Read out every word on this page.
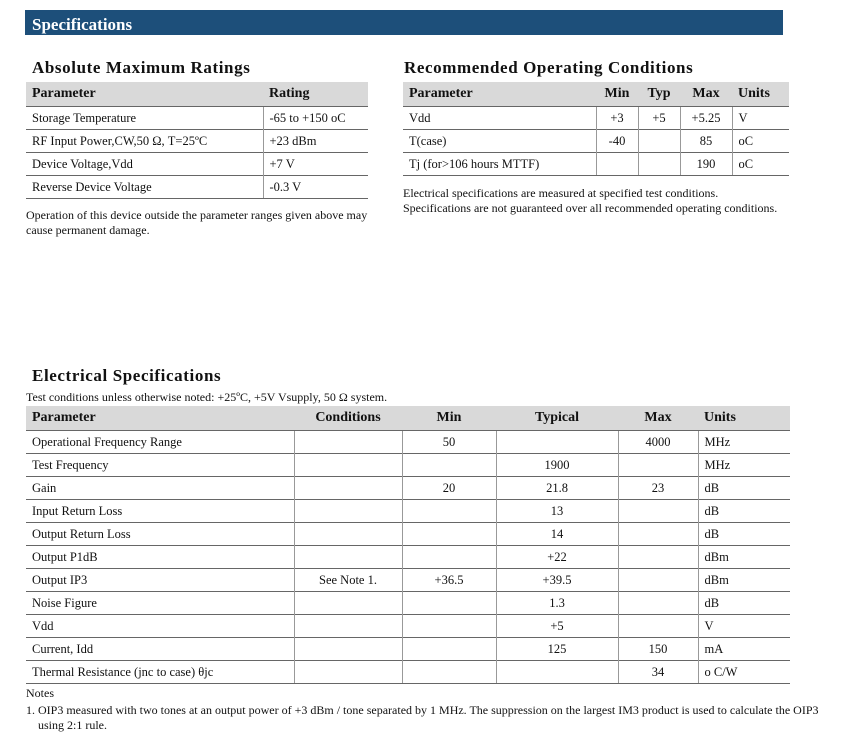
Specifications
Absolute Maximum Ratings
Parameter	Rating
Storage Temperature	-65 to +150 oC
RF Input Power,CW,50 Ω, T=25ºC	+23 dBm
Device Voltage,Vdd	+7 V
Reverse Device Voltage	-0.3 V
Operation of this device outside the parameter ranges given above may cause permanent damage.
Recommended Operating Conditions
Parameter	Min	Typ	Max	Units
Vdd	+3	+5	+5.25	V
T(case)	-40		85	oC
Tj (for>106 hours MTTF)			190	oC
Electrical specifications are measured at specified test conditions. Specifications are not guaranteed over all recommended operating conditions.
Electrical Specifications
Test conditions unless otherwise noted: +25ºC, +5V Vsupply, 50 Ω system.
Parameter	Conditions	Min	Typical	Max	Units
Operational Frequency Range		50		4000	MHz
Test Frequency			1900		MHz
Gain		20	21.8	23	dB
Input Return Loss			13		dB
Output Return Loss			14		dB
Output P1dB			+22		dBm
Output IP3	See Note 1.	+36.5	+39.5		dBm
Noise Figure			1.3		dB
Vdd			+5		V
Current, Idd			125	150	mA
Thermal Resistance (jnc to case) θjc				34	o C/W
Notes
1. OIP3 measured with two tones at an output power of +3 dBm / tone separated by 1 MHz. The suppression on the largest IM3 product is used to calculate the OIP3 using 2:1 rule.
